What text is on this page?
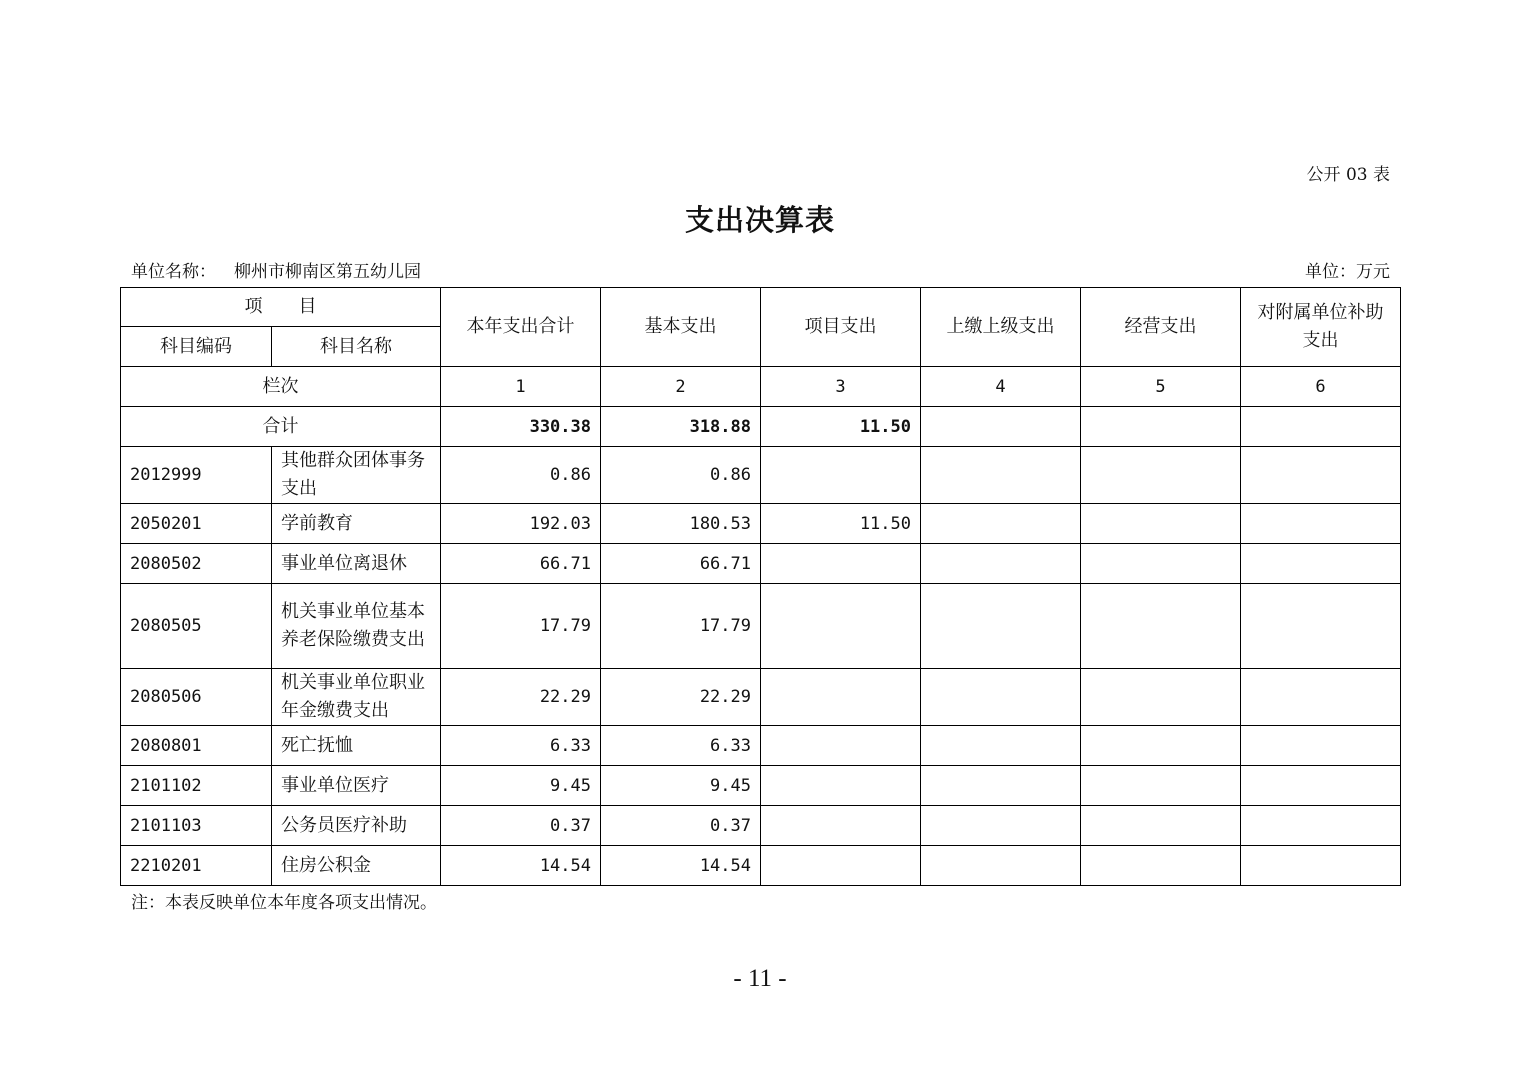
公开 03 表
支出决算表
单位名称： 柳州市柳南区第五幼儿园	单位：万元
项　　目		本年支出合计	基本支出	项目支出	上缴上级支出	经营支出	对附属单位补助支出
科目编码	科目名称						
栏次		1	2	3	4	5	6
合计		330.38	318.88	11.50			
2012999	其他群众团体事务支出	0.86	0.86				
2050201	学前教育	192.03	180.53	11.50			
2080502	事业单位离退休	66.71	66.71				
2080505	机关事业单位基本养老保险缴费支出	17.79	17.79				
2080506	机关事业单位职业年金缴费支出	22.29	22.29				
2080801	死亡抚恤	6.33	6.33				
2101102	事业单位医疗	9.45	9.45				
2101103	公务员医疗补助	0.37	0.37				
2210201	住房公积金	14.54	14.54				
注：本表反映单位本年度各项支出情况。
- 11 -
